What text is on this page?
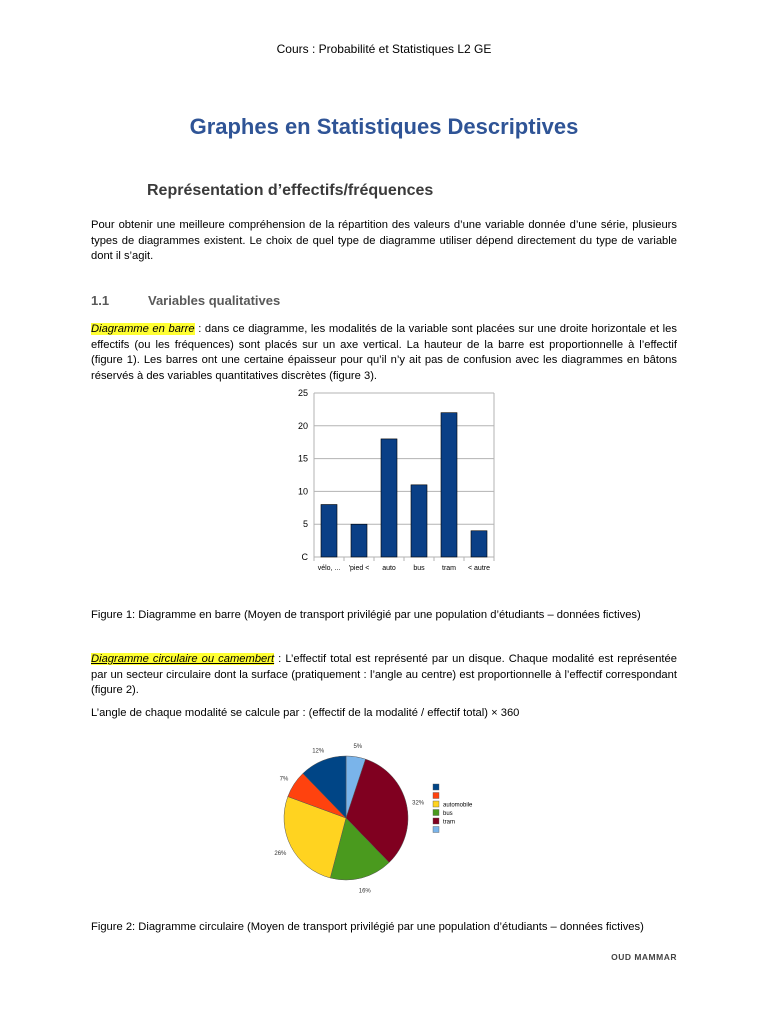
Cours : Probabilité et Statistiques L2 GE
Graphes en Statistiques Descriptives
Représentation d’effectifs/fréquences
Pour obtenir une meilleure compréhension de la répartition des valeurs d’une variable donnée d’une série, plusieurs types de diagrammes existent. Le choix de quel type de diagramme utiliser dépend directement du type de variable dont il s’agit.
1.1	Variables qualitatives
Diagramme en barre : dans ce diagramme, les modalités de la variable sont placées sur une droite horizontale et les effectifs (ou les fréquences) sont placés sur un axe vertical. La hauteur de la barre est proportionnelle à l’effectif (figure 1). Les barres ont une certaine épaisseur pour qu’il n’y ait pas de confusion avec les diagrammes en bâtons réservés à des variables quantitatives discrètes (figure 3).
C
5
10
15
20
25
vélo, ... 'pied < auto	bus tram < autre
Figure 1: Diagramme en barre (Moyen de transport privilégié par une population d’étudiants – données fictives)
Diagramme circulaire ou camembert : L’effectif total est représenté par un disque. Chaque modalité est représentée par un secteur circulaire dont la surface (pratiquement : l’angle au centre) est proportionnelle à l’effectif correspondant (figure 2).
L’angle de chaque modalité se calcule par : (effectif de la modalité / effectif total) × 360
5%
32%
16%
26%
7%
12%
automobile
bus
tram
Figure 2: Diagramme circulaire (Moyen de transport privilégié par une population d’étudiants – données fictives)
OUD MAMMAR
